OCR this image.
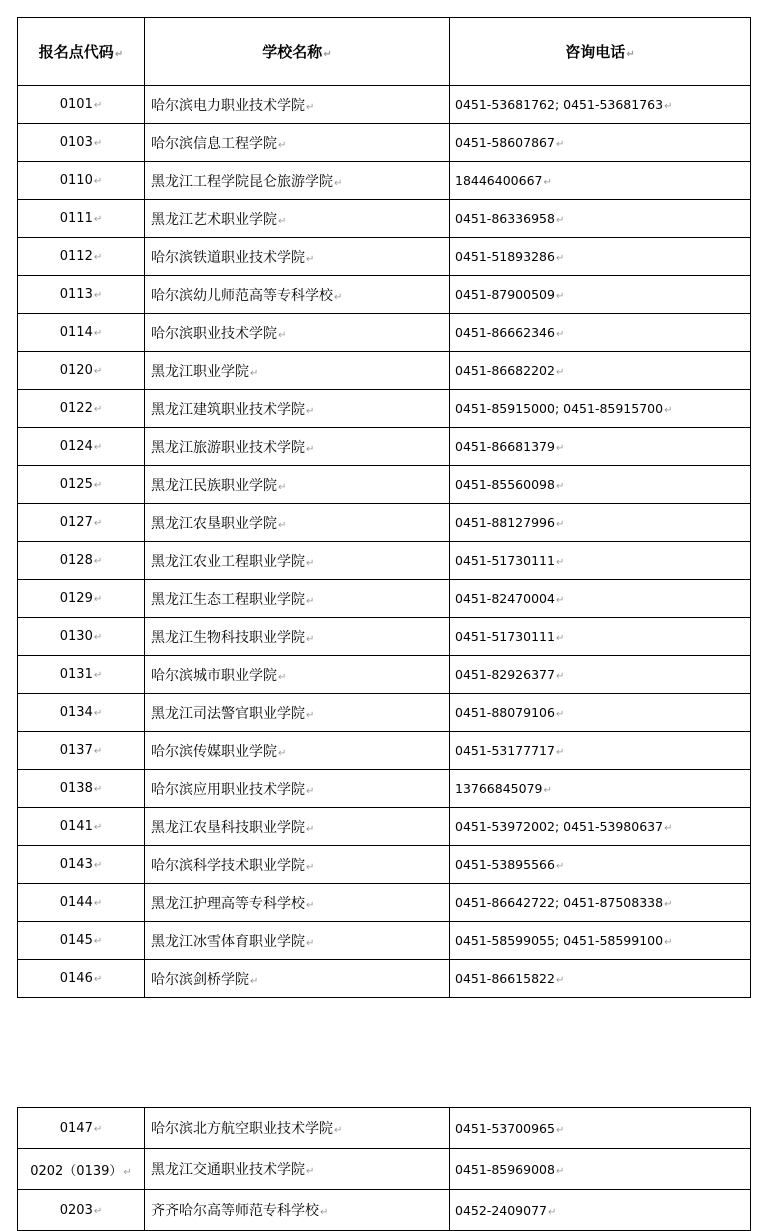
报名点代码↵	学校名称↵	咨询电话↵
0101↵	哈尔滨电力职业技术学院↵	0451-53681762; 0451-53681763↵
0103↵	哈尔滨信息工程学院↵	0451-58607867↵
0110↵	黑龙江工程学院昆仑旅游学院↵	18446400667↵
0111↵	黑龙江艺术职业学院↵	0451-86336958↵
0112↵	哈尔滨铁道职业技术学院↵	0451-51893286↵
0113↵	哈尔滨幼儿师范高等专科学校↵	0451-87900509↵
0114↵	哈尔滨职业技术学院↵	0451-86662346↵
0120↵	黑龙江职业学院↵	0451-86682202↵
0122↵	黑龙江建筑职业技术学院↵	0451-85915000; 0451-85915700↵
0124↵	黑龙江旅游职业技术学院↵	0451-86681379↵
0125↵	黑龙江民族职业学院↵	0451-85560098↵
0127↵	黑龙江农垦职业学院↵	0451-88127996↵
0128↵	黑龙江农业工程职业学院↵	0451-51730111↵
0129↵	黑龙江生态工程职业学院↵	0451-82470004↵
0130↵	黑龙江生物科技职业学院↵	0451-51730111↵
0131↵	哈尔滨城市职业学院↵	0451-82926377↵
0134↵	黑龙江司法警官职业学院↵	0451-88079106↵
0137↵	哈尔滨传媒职业学院↵	0451-53177717↵
0138↵	哈尔滨应用职业技术学院↵	13766845079↵
0141↵	黑龙江农垦科技职业学院↵	0451-53972002; 0451-53980637↵
0143↵	哈尔滨科学技术职业学院↵	0451-53895566↵
0144↵	黑龙江护理高等专科学校↵	0451-86642722; 0451-87508338↵
0145↵	黑龙江冰雪体育职业学院↵	0451-58599055; 0451-58599100↵
0146↵	哈尔滨剑桥学院↵	0451-86615822↵
0147↵	哈尔滨北方航空职业技术学院↵	0451-53700965↵
0202（0139）↵	黑龙江交通职业技术学院↵	0451-85969008↵
0203↵	齐齐哈尔高等师范专科学校↵	0452-2409077↵
